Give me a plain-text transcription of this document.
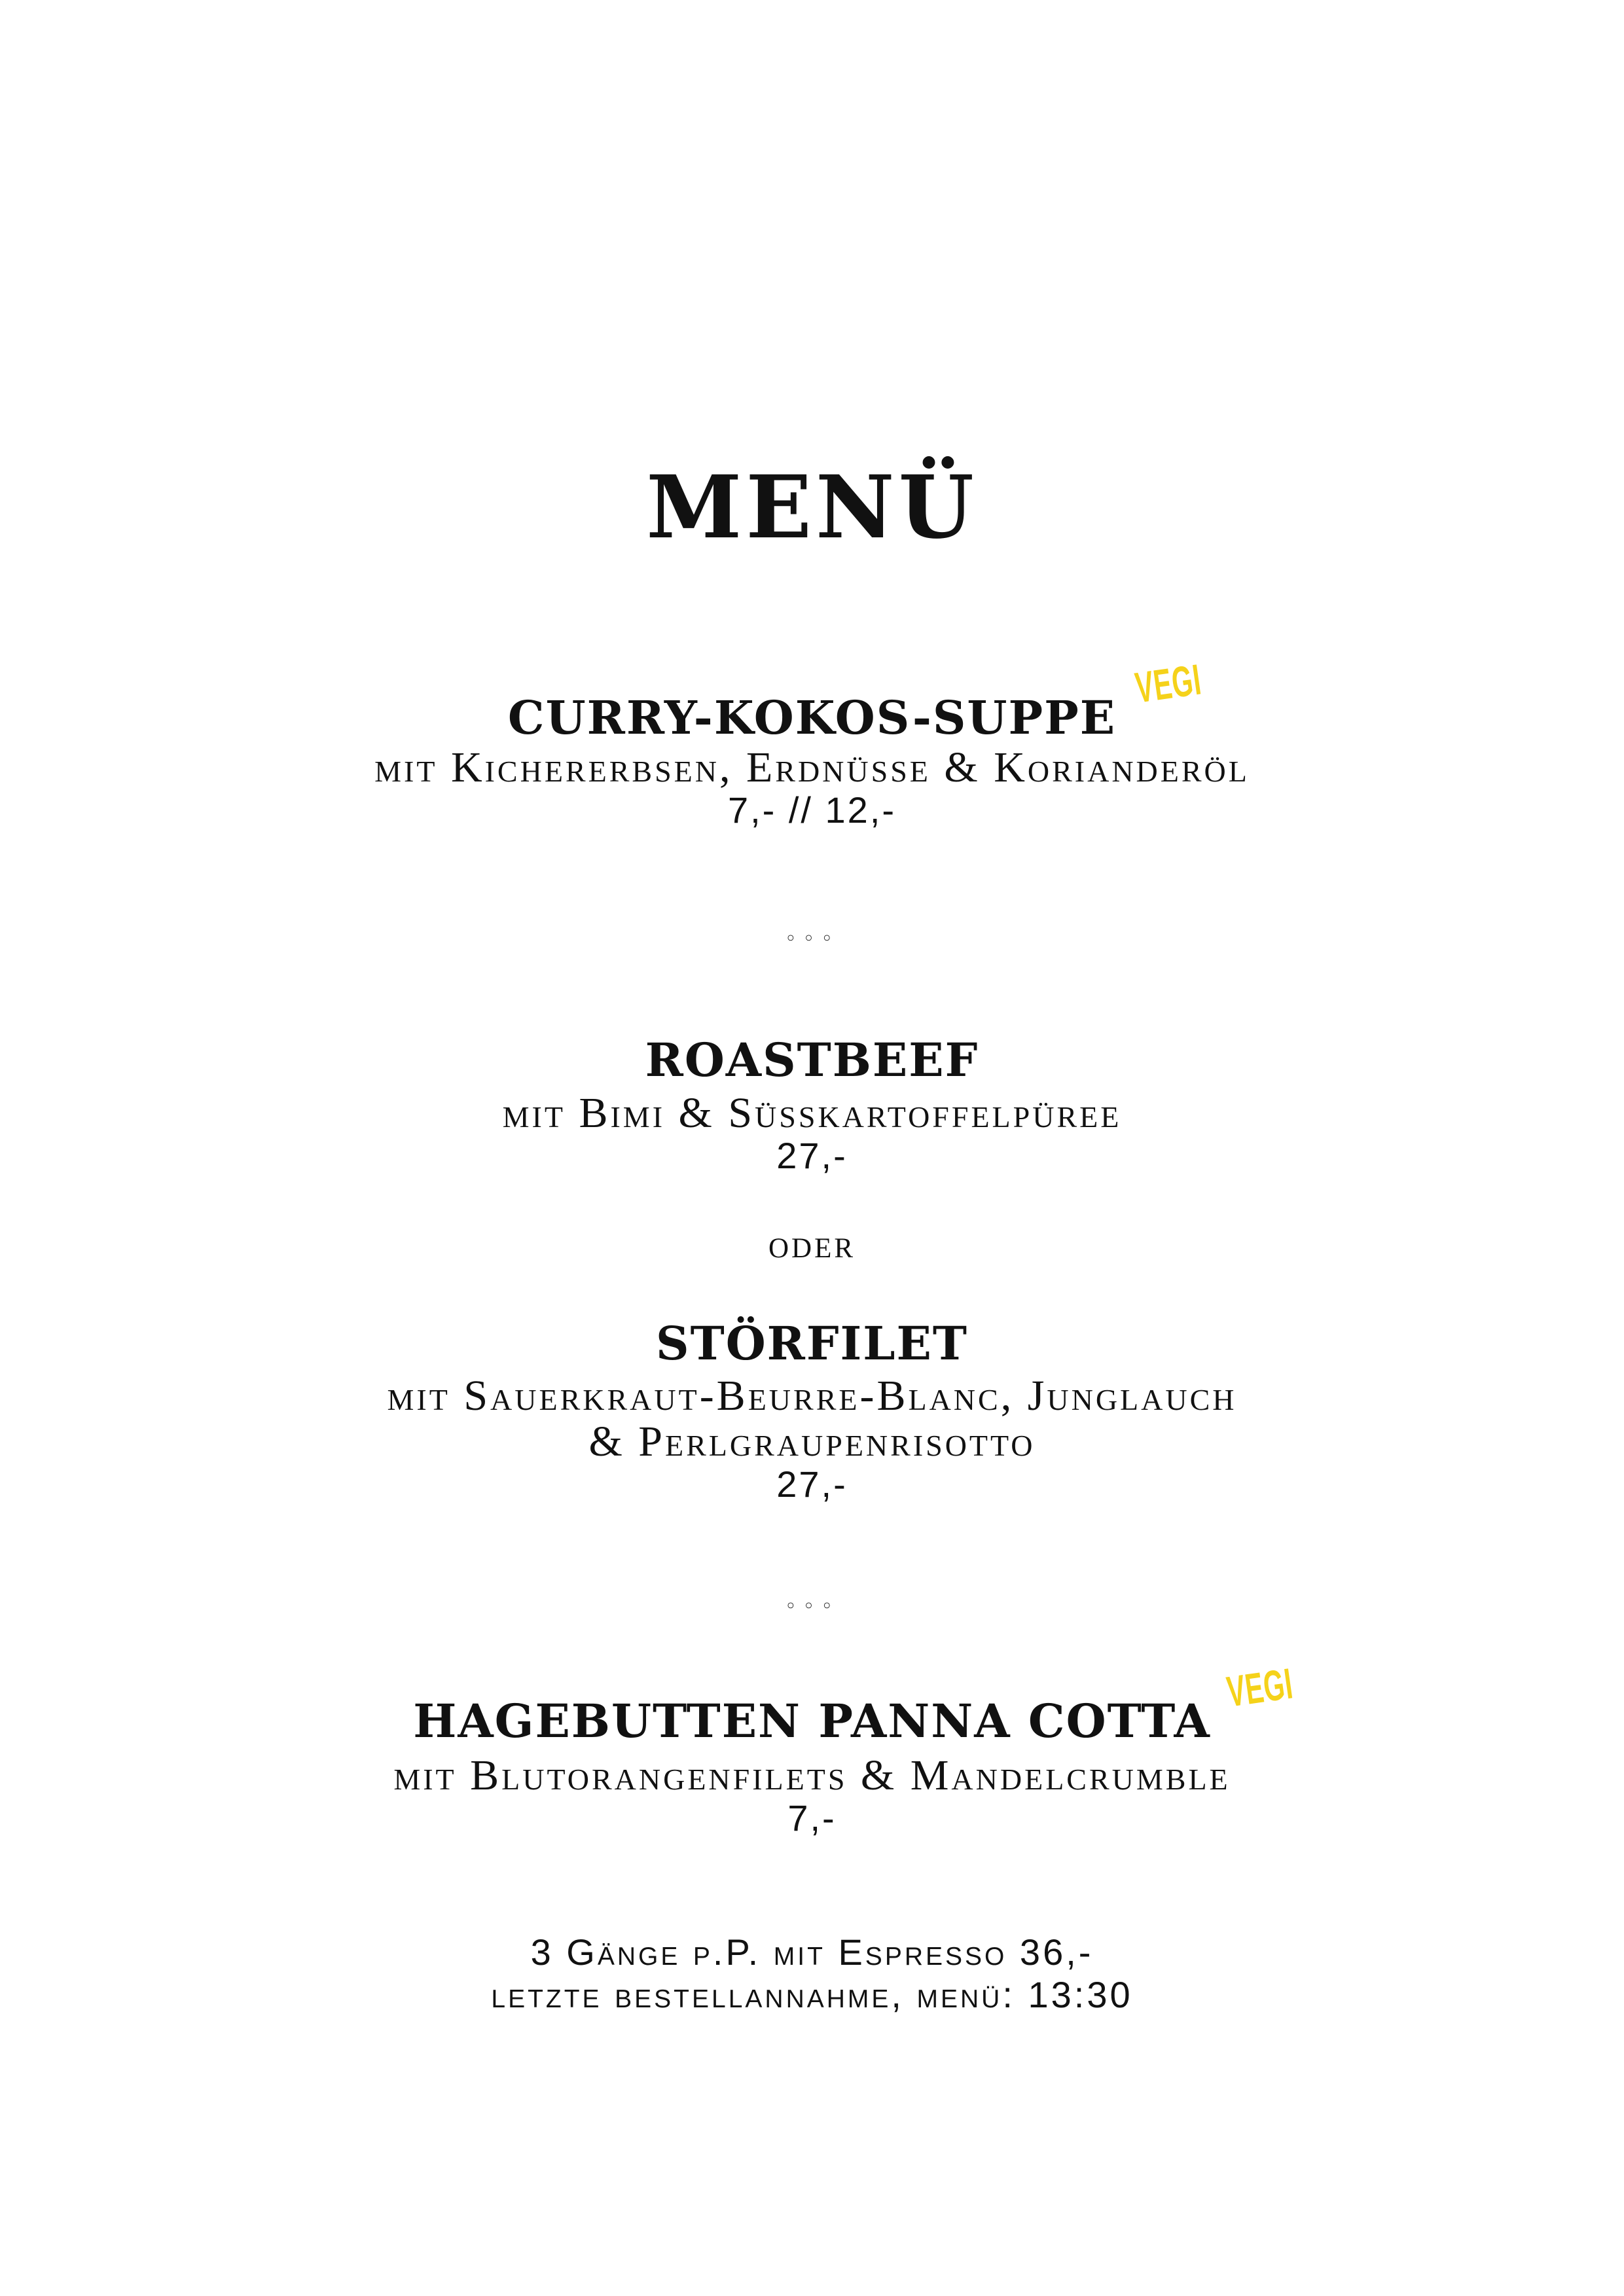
MENÜ
CURRY-KOKOS-SUPPE
VEGI
mit Kichererbsen, Erdnüsse & Korianderöl
7,- // 12,-
◦◦◦
ROASTBEEF
mit Bimi & Süsskartoffelpüree
27,-
oder
STÖRFILET
mit Sauerkraut-Beurre-Blanc, Junglauch
& Perlgraupenrisotto
27,-
◦◦◦
HAGEBUTTEN PANNA COTTA
VEGI
mit Blutorangenfilets & Mandelcrumble
7,-
3 Gänge p.P. mit Espresso 36,-
letzte bestellannahme, menü: 13:30
